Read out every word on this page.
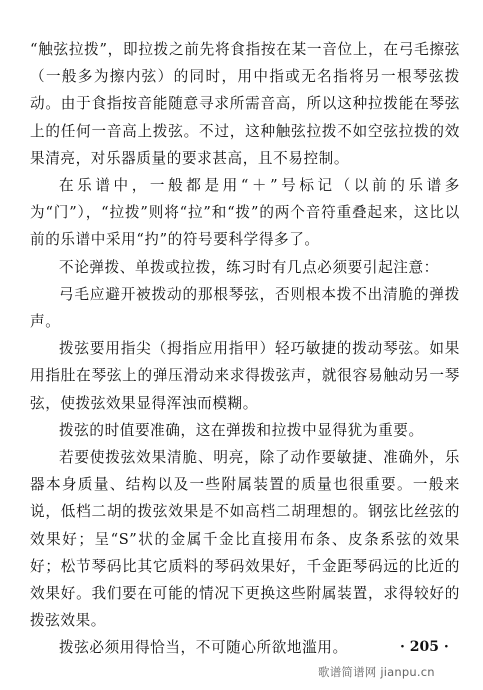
“触弦拉拨”，即拉拨之前先将食指按在某一音位上，在弓毛擦弦（一般多为擦内弦）的同时，用中指或无名指将另一根琴弦拨动。由于食指按音能随意寻求所需音高，所以这种拉拨能在琴弦上的任何一音高上拨弦。不过，这种触弦拉拨不如空弦拉拨的效果清亮，对乐器质量的要求甚高，且不易控制。

在乐谱中，一般都是用“＋”号标记（以前的乐谱多为“门”），“拉拨”则将“拉”和“拨”的两个音符重叠起来，这比以前的乐谱中采用“扚”的符号要科学得多了。

不论弹拨、单拨或拉拨，练习时有几点必须要引起注意：

弓毛应避开被拨动的那根琴弦，否则根本拨不出清脆的弹拨声。

拨弦要用指尖（拇指应用指甲）轻巧敏捷的拨动琴弦。如果用指肚在琴弦上的弹压滑动来求得拨弦声，就很容易触动另一琴弦，使拨弦效果显得浑浊而模糊。

拨弦的时值要准确，这在弹拨和拉拨中显得犹为重要。

若要使拨弦效果清脆、明亮，除了动作要敏捷、准确外，乐器本身质量、结构以及一些附属装置的质量也很重要。一般来说，低档二胡的拨弦效果是不如高档二胡理想的。钢弦比丝弦的效果好；呈“S”状的金属千金比直接用布条、皮条系弦的效果好；松节琴码比其它质料的琴码效果好，千金距琴码远的比近的效果好。我们要在可能的情况下更换这些附属装置，求得较好的拨弦效果。

拨弦必须用得恰当，不可随心所欲地滥用。	· 205 ·
歌谱简谱网 jianpu.cn
